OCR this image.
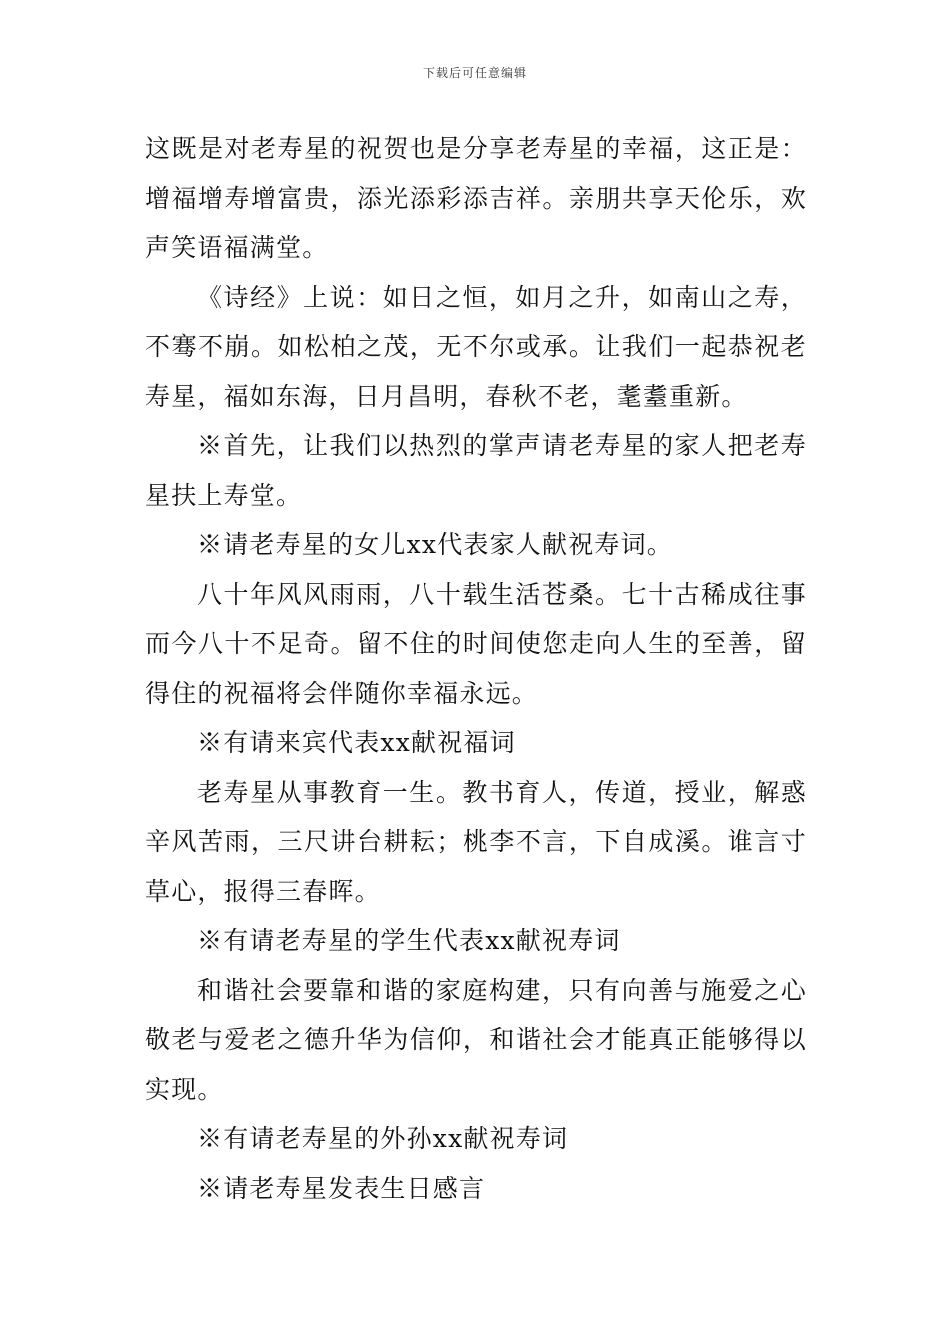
下载后可任意编辑

这既是对老寿星的祝贺也是分享老寿星的幸福，这正是：增福增寿增富贵，添光添彩添吉祥。亲朋共享天伦乐，欢声笑语福满堂。

《诗经》上说：如日之恒，如月之升，如南山之寿，不骞不崩。如松柏之茂，无不尔或承。让我们一起恭祝老寿星，福如东海，日月昌明，春秋不老，耄耋重新。

※首先，让我们以热烈的掌声请老寿星的家人把老寿星扶上寿堂。

※请老寿星的女儿xx代表家人献祝寿词。

八十年风风雨雨，八十载生活苍桑。七十古稀成往事而今八十不足奇。留不住的时间使您走向人生的至善，留得住的祝福将会伴随你幸福永远。

※有请来宾代表xx献祝福词

老寿星从事教育一生。教书育人，传道，授业，解惑辛风苦雨，三尺讲台耕耘；桃李不言，下自成溪。谁言寸草心，报得三春晖。

※有请老寿星的学生代表xx献祝寿词

和谐社会要靠和谐的家庭构建，只有向善与施爱之心敬老与爱老之德升华为信仰，和谐社会才能真正能够得以实现。

※有请老寿星的外孙xx献祝寿词

※请老寿星发表生日感言
